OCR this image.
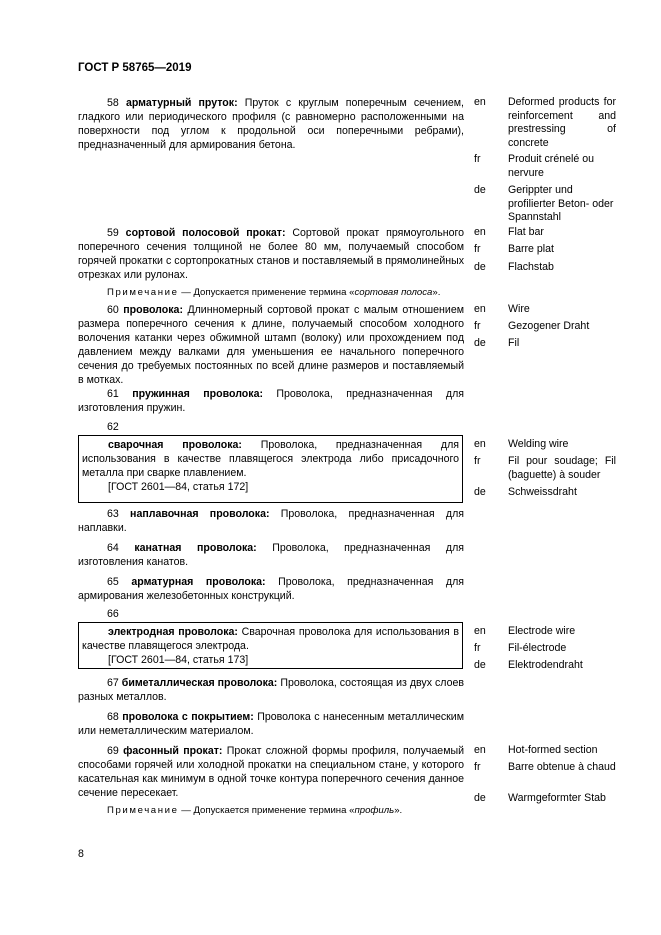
ГОСТ Р 58765—2019
58 арматурный пруток: Пруток с круглым поперечным сечением, гладкого или периодического профиля (с равномерно расположенными на поверхности под углом к продольной оси поперечными ребрами), предназначенный для армирования бетона.
en Deformed products for reinforcement and prestressing of concrete
fr	Produit crénelé ou nervure
de Gerippter und profilierter Beton- oder Spannstahl
59 сортовой полосовой прокат: Сортовой прокат прямоугольного поперечного сечения толщиной не более 80 мм, получаемый способом горячей прокатки с сортопрокатных станов и поставляемый в прямолинейных отрезках или рулонах.
Примечание — Допускается применение термина «сортовая полоса».
en Flat bar
fr	Barre plat
de Flachstab
60 проволока: Длинномерный сортовой прокат с малым отношением размера поперечного сечения к длине, получаемый способом холодного волочения катанки через обжимной штамп (волоку) или прохождением под давлением между валками для уменьшения ее начального поперечного сечения до требуемых постоянных по всей длине размеров и поставляемый в мотках.
en Wire
fr	Gezogener Draht
de Fil
61 пружинная проволока: Проволока, предназначенная для изготовления пружин.
62

сварочная проволока: Проволока, предназначенная для использования в качестве плавящегося электрода либо присадочного металла при сварке плавлением.

[ГОСТ 2601—84, статья 172]

en Welding wire
fr	Fil pour soudage; Fil (baguette) à souder
de Schweissdraht
63 наплавочная проволока: Проволока, предназначенная для наплавки.
64 канатная проволока: Проволока, предназначенная для изготовления канатов.
65 арматурная проволока: Проволока, предназначенная для армирования железобетонных конструкций.
66

электродная проволока: Сварочная проволока для использования в качестве плавящегося электрода.

[ГОСТ 2601—84, статья 173]

en Electrode wire
fr	Fil-électrode
de Elektrodendraht
67 биметаллическая проволока: Проволока, состоящая из двух слоев разных металлов.
68 проволока с покрытием: Проволока с нанесенным металлическим или неметаллическим материалом.
69 фасонный прокат: Прокат сложной формы профиля, получаемый способами горячей или холодной прокатки на специальном стане, у которого касательная как минимум в одной точке контура поперечного сечения данное сечение пересекает.
Примечание — Допускается применение термина «профиль».
en Hot-formed section
fr	Barre obtenue à chaud
de Warmgeformter Stab
8
